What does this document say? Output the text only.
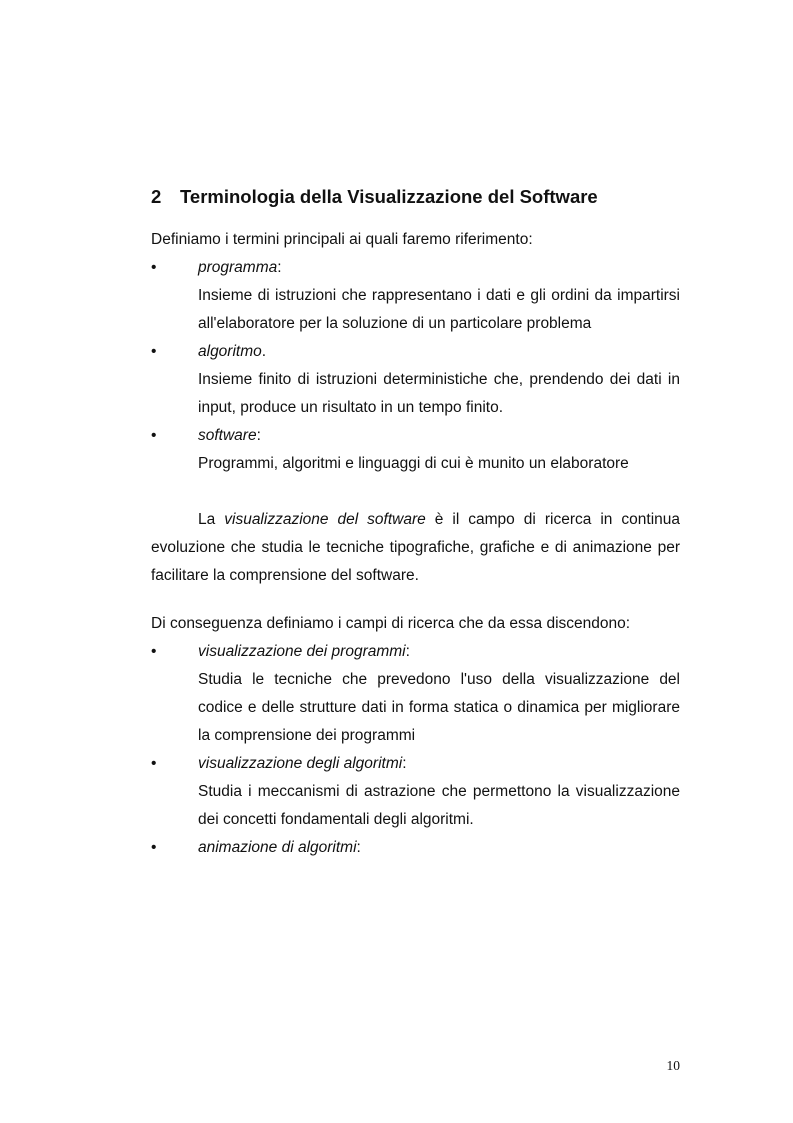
2	Terminologia della Visualizzazione del Software

Definiamo i termini principali ai quali faremo riferimento:

•	programma:
Insieme di istruzioni che rappresentano i dati e gli ordini da impartirsi all'elaboratore per la soluzione di un particolare problema
•	algoritmo.
Insieme finito di istruzioni deterministiche che, prendendo dei dati in input, produce un risultato in un tempo finito.
•	software:
Programmi, algoritmi e linguaggi di cui è munito un elaboratore

La visualizzazione del software è il campo di ricerca in continua evoluzione che studia le tecniche tipografiche, grafiche e di animazione per facilitare la comprensione del software.

Di conseguenza definiamo i campi di ricerca che da essa discendono:

•	visualizzazione dei programmi:
Studia le tecniche che prevedono l'uso della visualizzazione del codice e delle strutture dati in forma statica o dinamica per migliorare la comprensione dei programmi
•	visualizzazione degli algoritmi:
Studia i meccanismi di astrazione che permettono la visualizzazione dei concetti fondamentali degli algoritmi.
•	animazione di algoritmi:
10
